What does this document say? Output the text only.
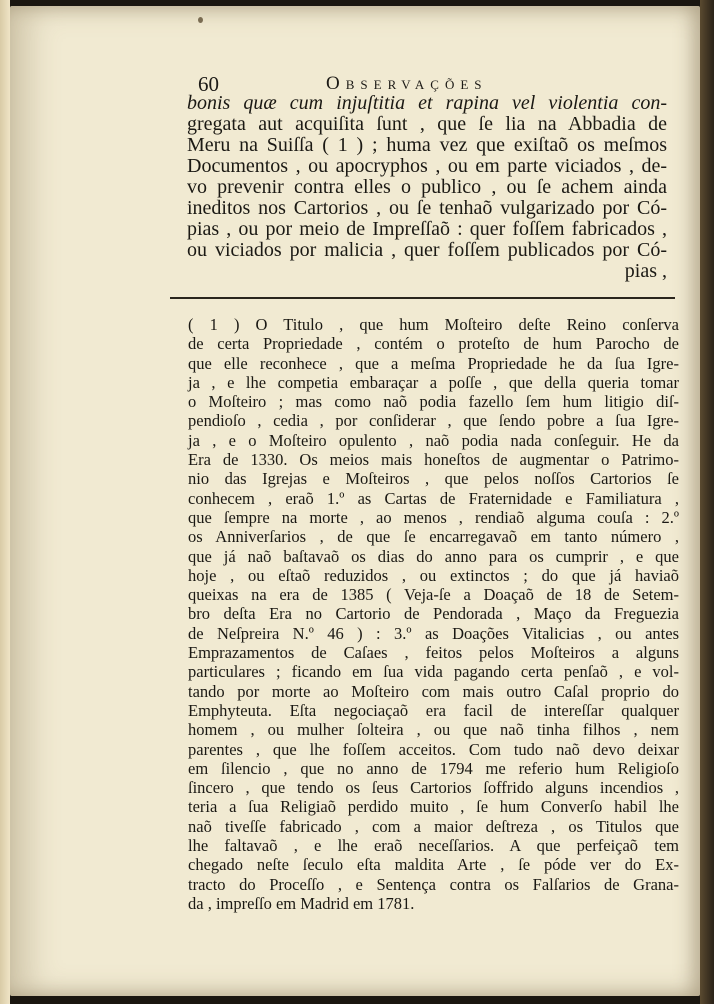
60	Observações
bonis quæ cum injuſtitia et rapina vel violentia con-
gregata aut acquiſita ſunt , que ſe lia na Abbadia de
Meru na Suiſſa ( 1 ) ; huma vez que exiſtaõ os meſmos
Documentos , ou apocryphos , ou em parte viciados , de-
vo prevenir contra elles o publico , ou ſe achem ainda
ineditos nos Cartorios , ou ſe tenhaõ vulgarizado por Có-
pias , ou por meio de Impreſſaõ : quer foſſem fabricados ,
ou viciados por malicia , quer foſſem publicados por Có-
pias ,
( 1 ) O Titulo , que hum Moſteiro deſte Reino conſerva
de certa Propriedade , contém o proteſto de hum Parocho de
que elle reconhece , que a meſma Propriedade he da ſua Igre-
ja , e lhe competia embaraçar a poſſe , que della queria tomar
o Moſteiro ; mas como naõ podia fazello ſem hum litigio diſ-
pendioſo , cedia , por conſiderar , que ſendo pobre a ſua Igre-
ja , e o Moſteiro opulento , naõ podia nada conſeguir. He da
Era de 1330. Os meios mais honeſtos de augmentar o Patrimo-
nio das Igrejas e Moſteiros , que pelos noſſos Cartorios ſe
conhecem , eraõ 1.º as Cartas de Fraternidade e Familiatura ,
que ſempre na morte , ao menos , rendiaõ alguma couſa : 2.º
os Anniverſarios , de que ſe encarregavaõ em tanto número ,
que já naõ baſtavaõ os dias do anno para os cumprir , e que
hoje , ou eſtaõ reduzidos , ou extinctos ; do que já haviaõ
queixas na era de 1385 ( Veja-ſe a Doaçaõ de 18 de Setem-
bro deſta Era no Cartorio de Pendorada , Maço da Freguezia
de Neſpreira N.º 46 ) : 3.º as Doações Vitalicias , ou antes
Emprazamentos de Caſaes , feitos pelos Moſteiros a alguns
particulares ; ficando em ſua vida pagando certa penſaõ , e vol-
tando por morte ao Moſteiro com mais outro Caſal proprio do
Emphyteuta. Eſta negociaçaõ era facil de intereſſar qualquer
homem , ou mulher ſolteira , ou que naõ tinha filhos , nem
parentes , que lhe foſſem acceitos. Com tudo naõ devo deixar
em ſilencio , que no anno de 1794 me referio hum Religioſo
ſincero , que tendo os ſeus Cartorios ſoffrido alguns incendios ,
teria a ſua Religiaõ perdido muito , ſe hum Converſo habil lhe
naõ tiveſſe fabricado , com a maior deſtreza , os Titulos que
lhe faltavaõ , e lhe eraõ neceſſarios. A que perfeiçaõ tem
chegado neſte ſeculo eſta maldita Arte , ſe póde ver do Ex-
tracto do Proceſſo , e Sentença contra os Falſarios de Grana-
da , impreſſo em Madrid em 1781.
